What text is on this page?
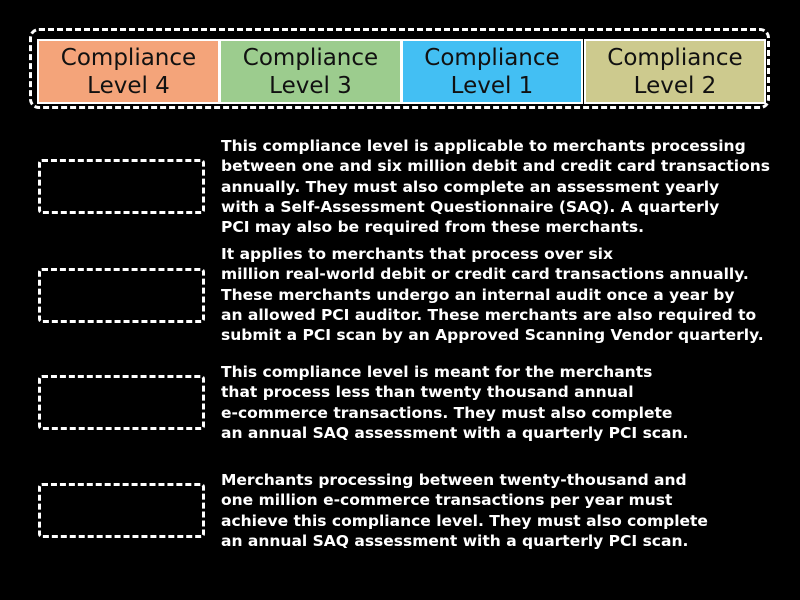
Compliance
Level 4
Compliance
Level 3
Compliance
Level 1
Compliance
Level 2

This compliance level is applicable to merchants processing
between one and six million debit and credit card transactions
annually. They must also complete an assessment yearly
with a Self-Assessment Questionnaire (SAQ). A quarterly
PCI may also be required from these merchants.

It applies to merchants that process over six
million real-world debit or credit card transactions annually.
These merchants undergo an internal audit once a year by
an allowed PCI auditor. These merchants are also required to
submit a PCI scan by an Approved Scanning Vendor quarterly.

This compliance level is meant for the merchants
that process less than twenty thousand annual
e-commerce transactions. They must also complete
an annual SAQ assessment with a quarterly PCI scan.

Merchants processing between twenty-thousand and
one million e-commerce transactions per year must
achieve this compliance level. They must also complete
an annual SAQ assessment with a quarterly PCI scan.
